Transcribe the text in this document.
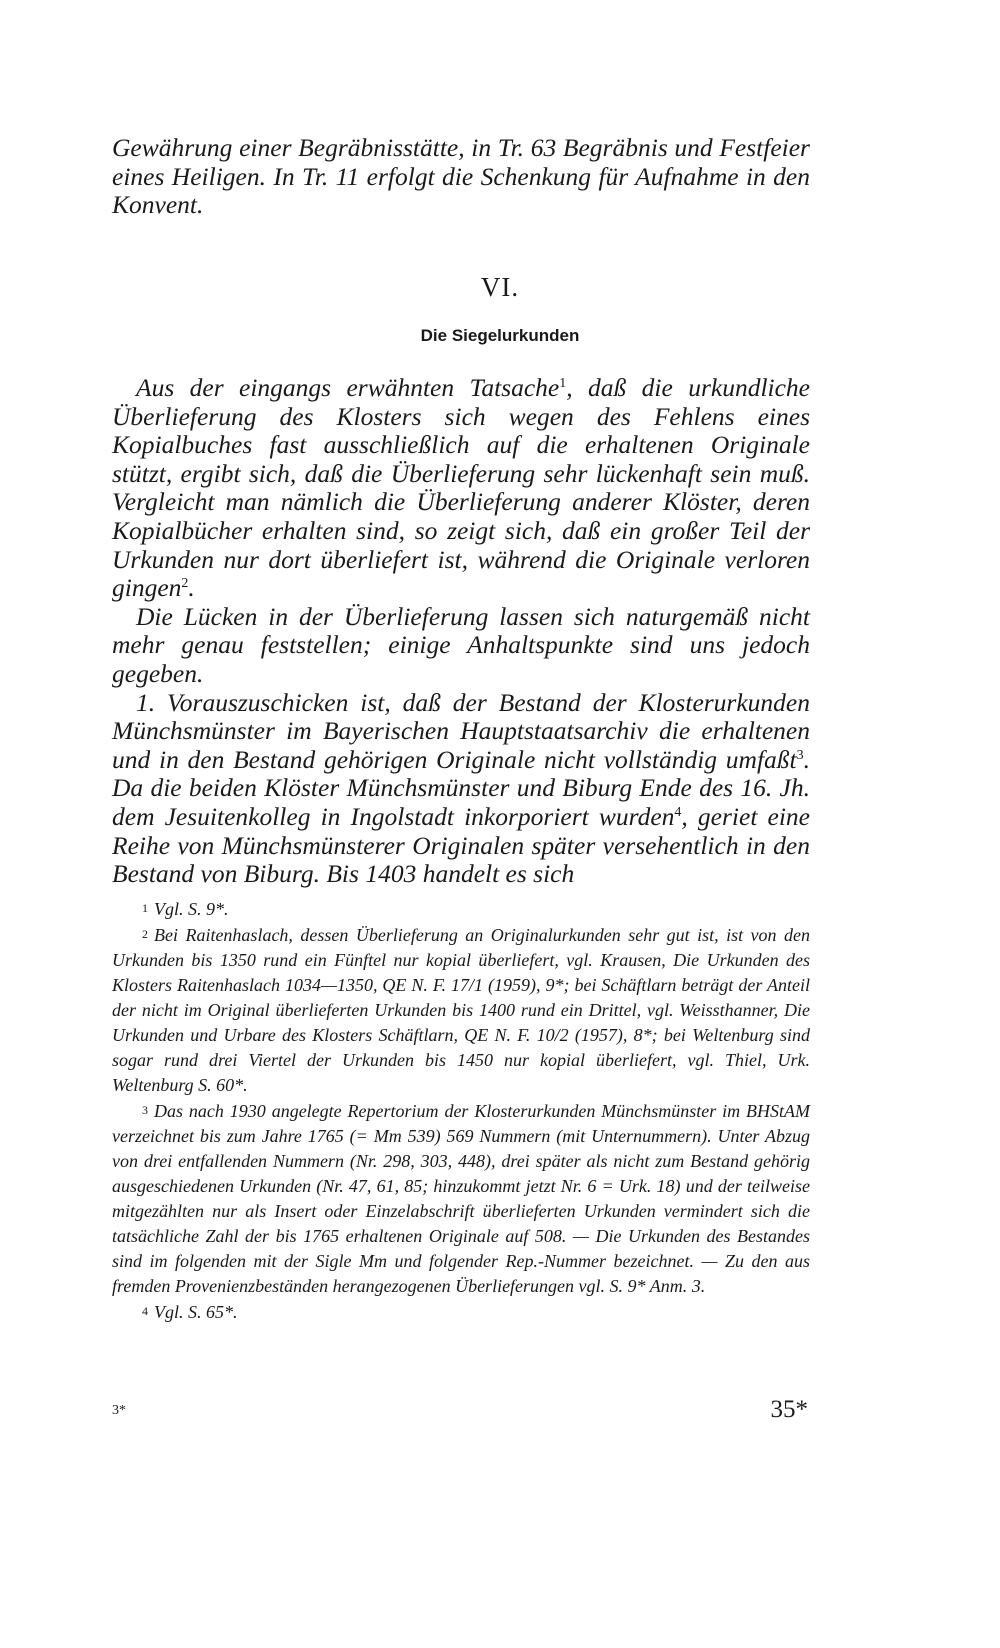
Gewährung einer Begräbnisstätte, in Tr. 63 Begräbnis und Festfeier eines Heiligen. In Tr. 11 erfolgt die Schenkung für Aufnahme in den Konvent.

VI.
Die Siegelurkunden

Aus der eingangs erwähnten Tatsache$^1$, daß die urkundliche Überlieferung des Klosters sich wegen des Fehlens eines Kopialbuches fast ausschließlich auf die erhaltenen Originale stützt, ergibt sich, daß die Überlieferung sehr lückenhaft sein muß. Vergleicht man nämlich die Überlieferung anderer Klöster, deren Kopialbücher erhalten sind, so zeigt sich, daß ein großer Teil der Urkunden nur dort überliefert ist, während die Originale verloren gingen$^2$.

Die Lücken in der Überlieferung lassen sich naturgemäß nicht mehr genau feststellen; einige Anhaltspunkte sind uns jedoch gegeben.

1. Vorauszuschicken ist, daß der Bestand der Klosterurkunden Münchsmünster im Bayerischen Hauptstaatsarchiv die erhaltenen und in den Bestand gehörigen Originale nicht vollständig umfaßt$^3$. Da die beiden Klöster Münchsmünster und Biburg Ende des 16. Jh. dem Jesuitenkolleg in Ingolstadt inkorporiert wurden$^4$, geriet eine Reihe von Münchsmünsterer Originalen später versehentlich in den Bestand von Biburg. Bis 1403 handelt es sich

1 Vgl. S. 9*.

2 Bei Raitenhaslach, dessen Überlieferung an Originalurkunden sehr gut ist, ist von den Urkunden bis 1350 rund ein Fünftel nur kopial überliefert, vgl. Krausen, Die Urkunden des Klosters Raitenhaslach 1034—1350, QE N. F. 17/1 (1959), 9*; bei Schäftlarn beträgt der Anteil der nicht im Original überlieferten Urkunden bis 1400 rund ein Drittel, vgl. Weissthanner, Die Urkunden und Urbare des Klosters Schäftlarn, QE N. F. 10/2 (1957), 8*; bei Weltenburg sind sogar rund drei Viertel der Urkunden bis 1450 nur kopial überliefert, vgl. Thiel, Urk. Weltenburg S. 60*.

3 Das nach 1930 angelegte Repertorium der Klosterurkunden Münchsmünster im BHStAM verzeichnet bis zum Jahre 1765 (= Mm 539) 569 Nummern (mit Unternummern). Unter Abzug von drei entfallenden Nummern (Nr. 298, 303, 448), drei später als nicht zum Bestand gehörig ausgeschiedenen Urkunden (Nr. 47, 61, 85; hinzukommt jetzt Nr. 6 = Urk. 18) und der teilweise mitgezählten nur als Insert oder Einzelabschrift überlieferten Urkunden vermindert sich die tatsächliche Zahl der bis 1765 erhaltenen Originale auf 508. — Die Urkunden des Bestandes sind im folgenden mit der Sigle Mm und folgender Rep.-Nummer bezeichnet. — Zu den aus fremden Provenienzbeständen herangezogenen Überlieferungen vgl. S. 9* Anm. 3.

4 Vgl. S. 65*.

3*	35*
